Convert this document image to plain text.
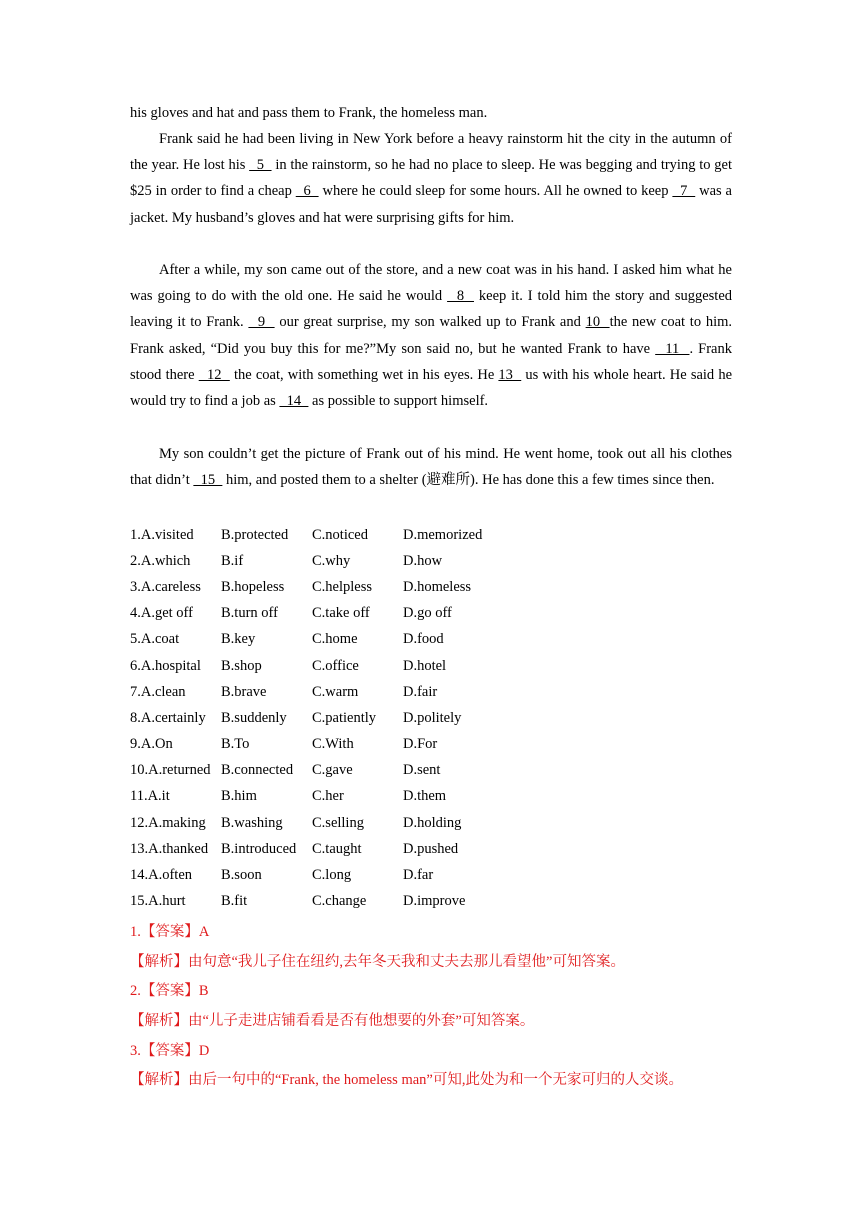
his gloves and hat and pass them to Frank, the homeless man.

Frank said he had been living in New York before a heavy rainstorm hit the city in the autumn of the year. He lost his   5   in the rainstorm, so he had no place to sleep. He was begging and trying to get $25 in order to find a cheap   6   where he could sleep for some hours. All he owned to keep   7   was a jacket. My husband’s gloves and hat were surprising gifts for him.

After a while, my son came out of the store, and a new coat was in his hand. I asked him what he was going to do with the old one. He said he would   8   keep it. I told him the story and suggested leaving it to Frank.   9   our great surprise, my son walked up to Frank and 10  the new coat to him. Frank asked, “Did you buy this for me?”My son said no, but he wanted Frank to have   11  . Frank stood there   12   the coat, with something wet in his eyes. He 13   us with his whole heart. He said he would try to find a job as   14   as possible to support himself.

My son couldn’t get the picture of Frank out of his mind. He went home, took out all his clothes that didn’t   15   him, and posted them to a shelter (避难所). He has done this a few times since then.

1.A.visited	B.protected	C.noticed	D.memorized
2.A.which	B.if	C.why	D.how
3.A.careless	B.hopeless	C.helpless	D.homeless
4.A.get off	B.turn off	C.take off	D.go off
5.A.coat	B.key	C.home	D.food
6.A.hospital	B.shop	C.office	D.hotel
7.A.clean	B.brave	C.warm	D.fair
8.A.certainly	B.suddenly	C.patiently	D.politely
9.A.On	B.To	C.With	D.For
10.A.returned B.connected	C.gave	D.sent
11.A.it	B.him	C.her	D.them
12.A.making	B.washing	C.selling	D.holding
13.A.thanked B.introduced	C.taught	D.pushed
14.A.often	B.soon	C.long	D.far
15.A.hurt	B.fit	C.change	D.improve
1.【答案】A
【解析】由句意“我儿子住在纽约,去年冬天我和丈夫去那儿看望他”可知答案。
2.【答案】B
【解析】由“儿子走进店铺看看是否有他想要的外套”可知答案。
3.【答案】D
【解析】由后一句中的“Frank, the homeless man”可知,此处为和一个无家可归的人交谈。
